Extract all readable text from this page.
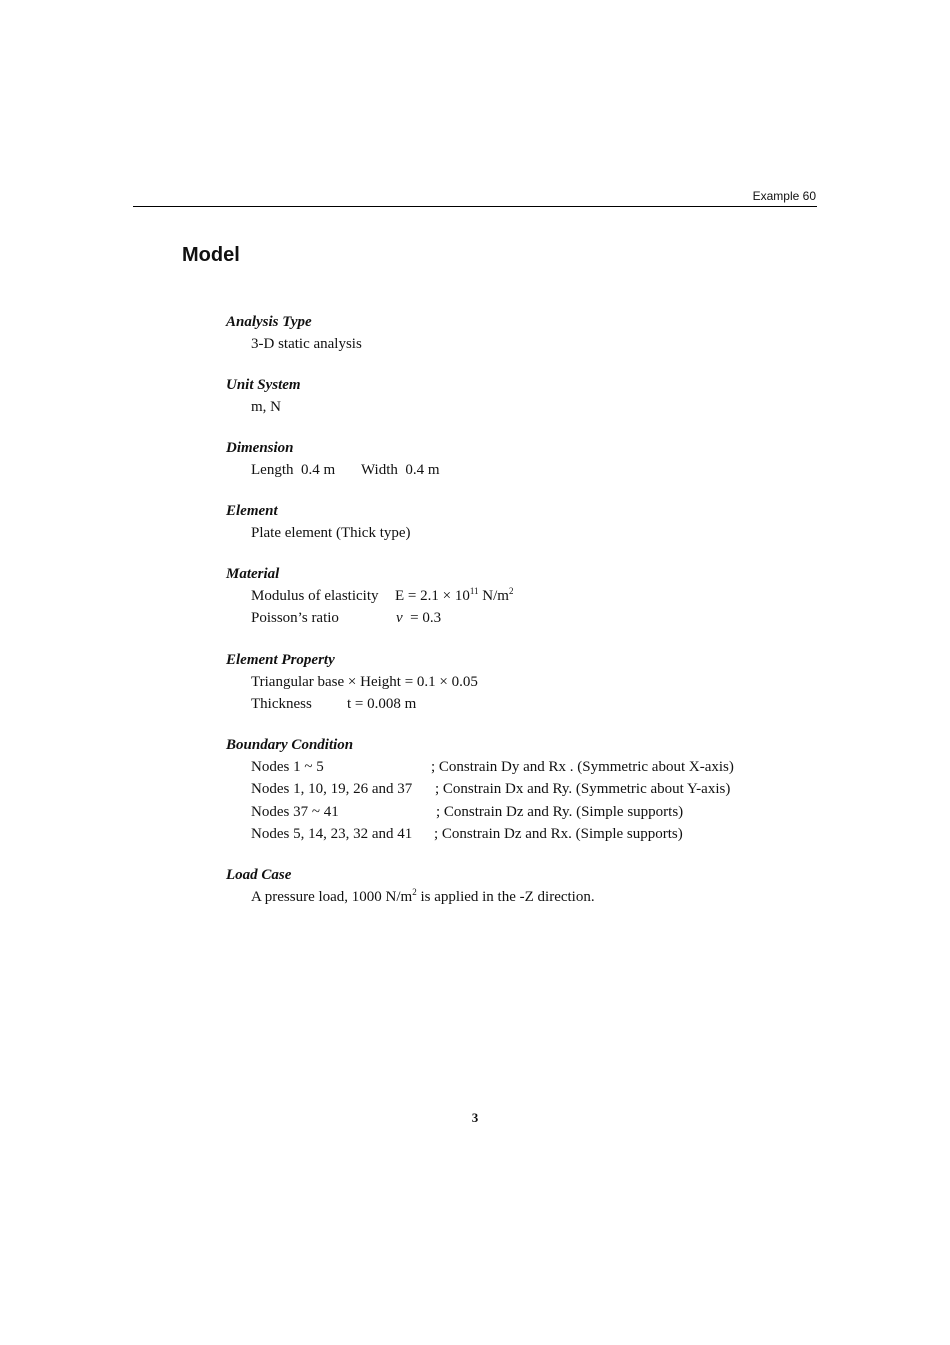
Example 60
Model
Analysis Type
3-D static analysis
Unit System
m, N
Dimension
Length 0.4 m Width 0.4 m
Element
Plate element (Thick type)
Material
Modulus of elasticity $E = 2.1 \times 10^{11}$ $N/m^2$
Poisson’s ratio	ν = 0.3
Element Property
Triangular base × Height = 0.1 × 0.05
Thickness t = 0.008 m
Boundary Condition
Nodes 1 ~ 5	; Constrain Dy and Rx . (Symmetric about X-axis)
Nodes 1, 10, 19, 26 and 37 ; Constrain Dx and Ry. (Symmetric about Y-axis)
Nodes 37 ~ 41	; Constrain Dz and Ry. (Simple supports)
Nodes 5, 14, 23, 32 and 41 ; Constrain Dz and Rx. (Simple supports)
Load Case
A pressure load, 1000 $N/m^2$ is applied in the -Z direction.
3
